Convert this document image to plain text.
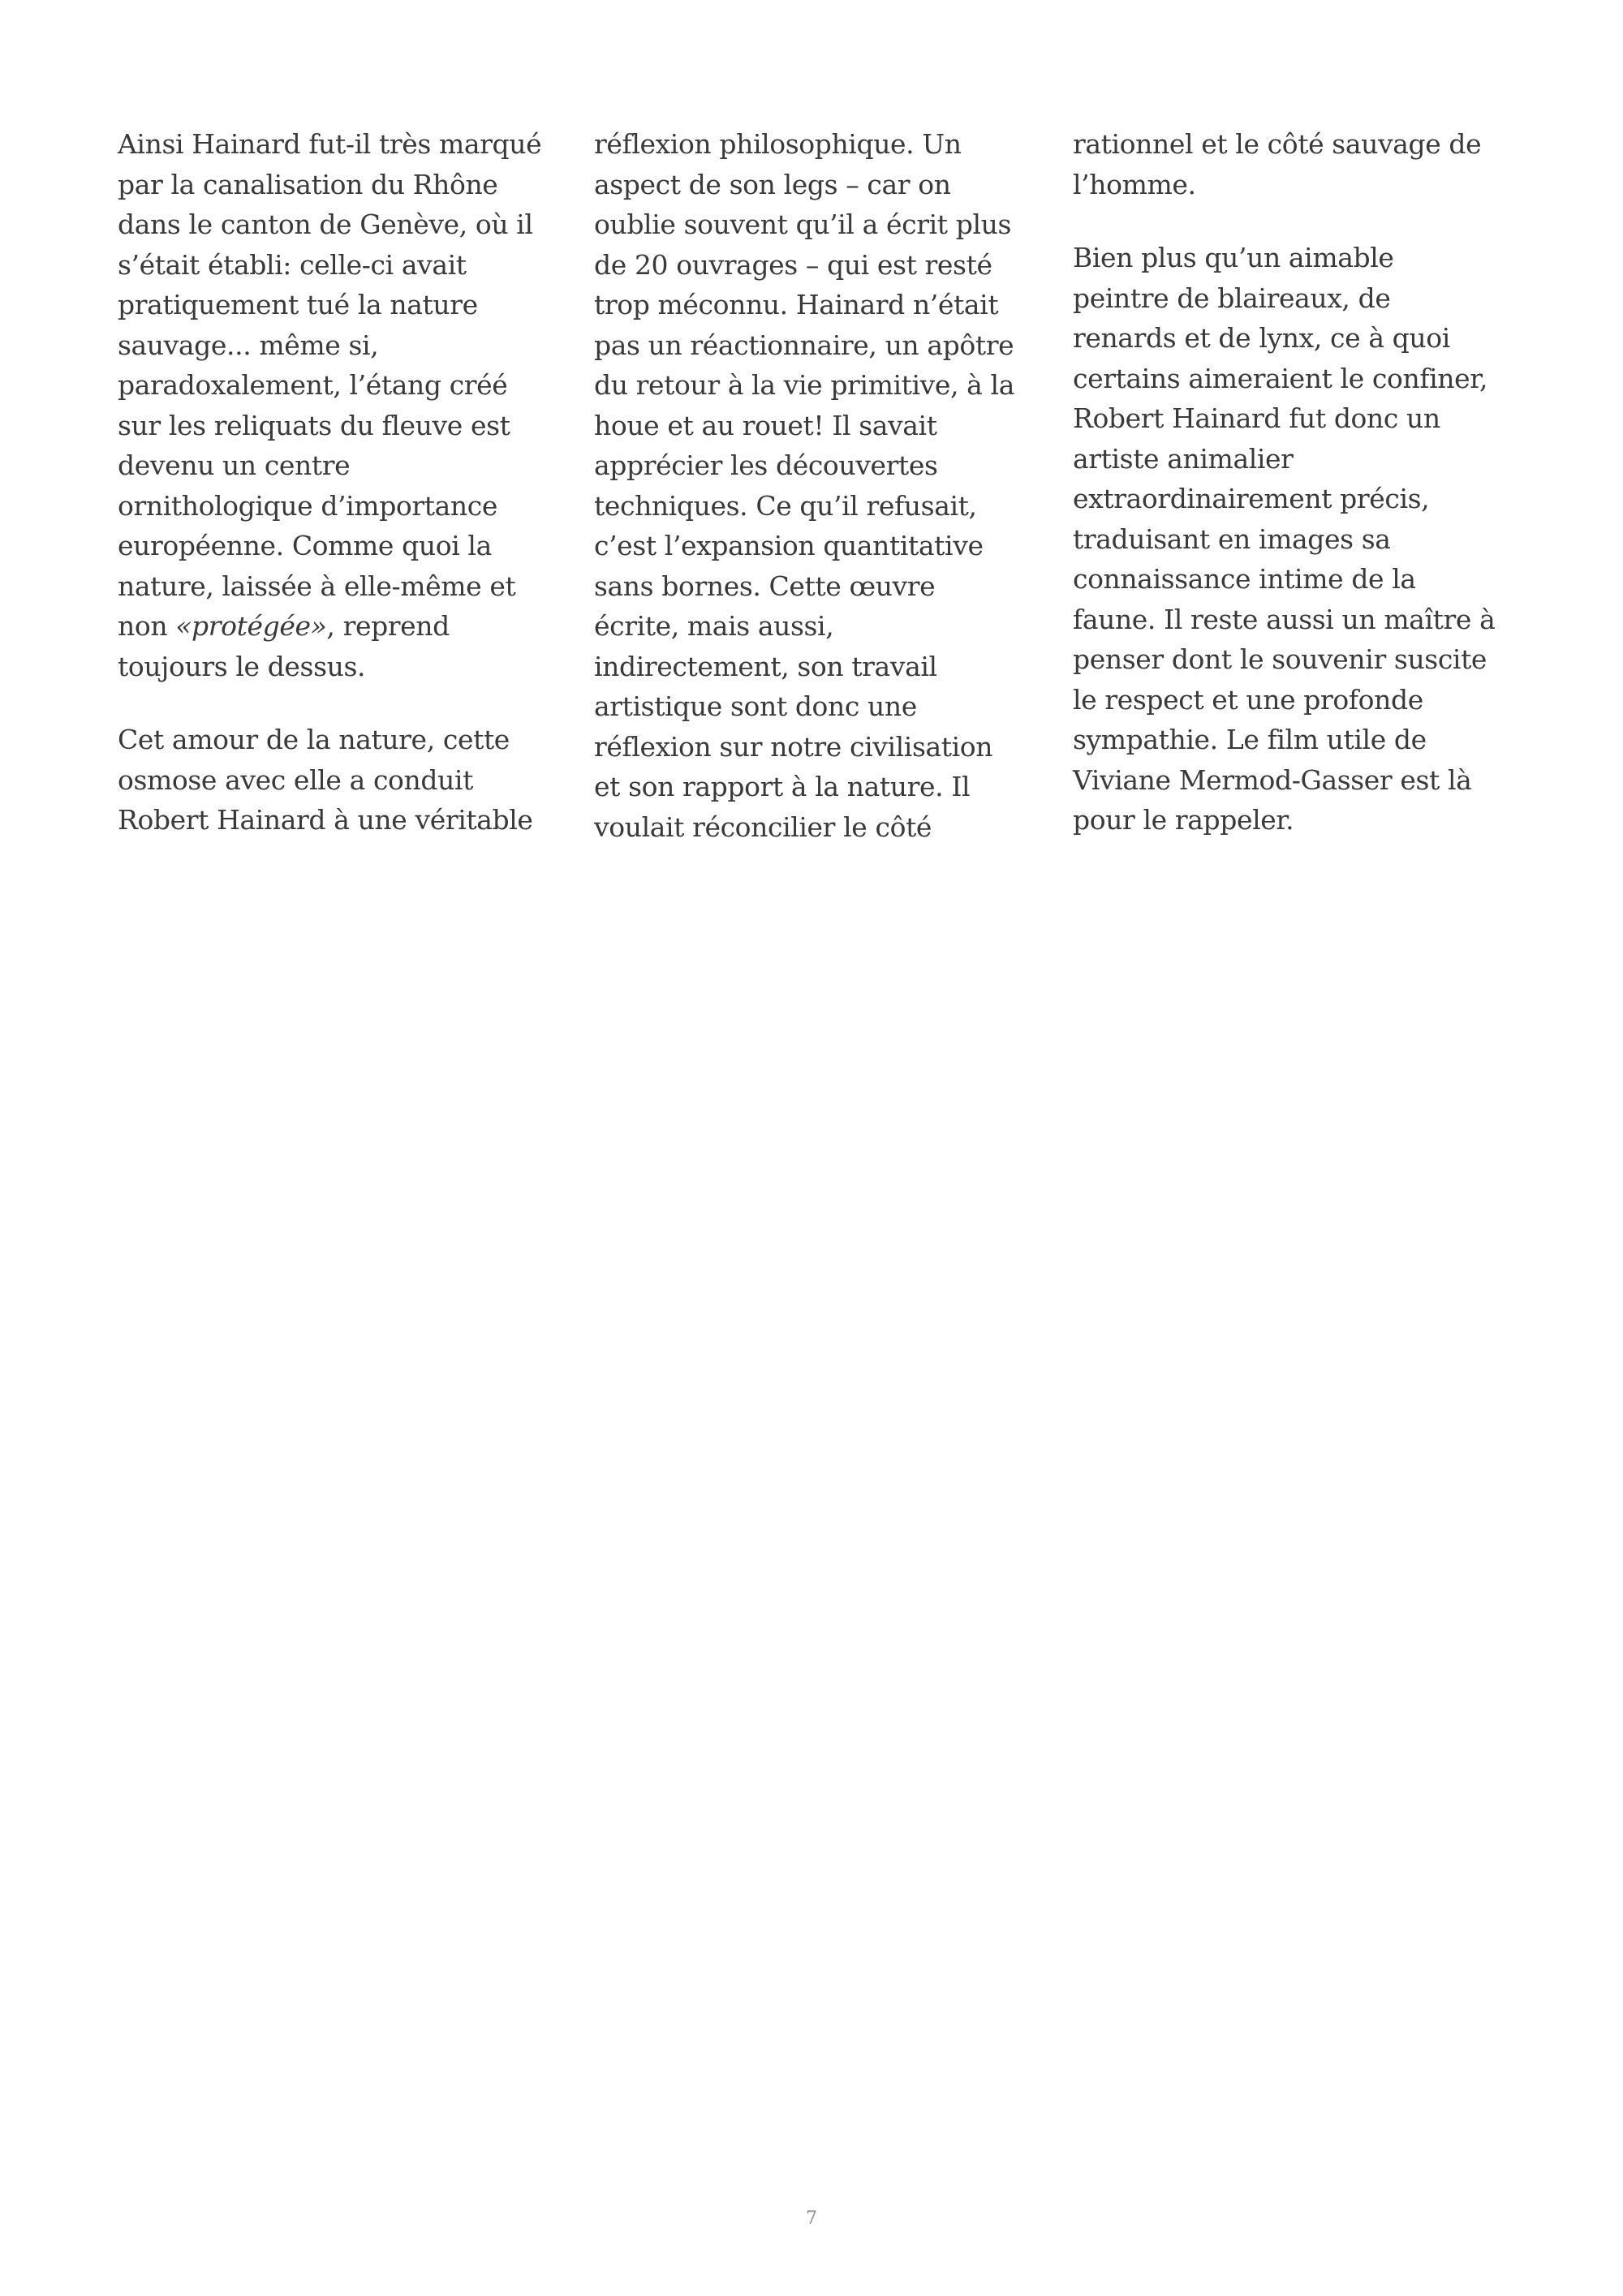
Ainsi Hainard fut-il très marqué
par la canalisation du Rhône
dans le canton de Genève, où il
s’était établi: celle-ci avait
pratiquement tué la nature
sauvage... même si,
paradoxalement, l’étang créé
sur les reliquats du fleuve est
devenu un centre
ornithologique d’importance
européenne. Comme quoi la
nature, laissée à elle-même et
non «protégée», reprend
toujours le dessus.

Cet amour de la nature, cette
osmose avec elle a conduit
Robert Hainard à une véritable

réflexion philosophique. Un
aspect de son legs – car on
oublie souvent qu’il a écrit plus
de 20 ouvrages – qui est resté
trop méconnu. Hainard n’était
pas un réactionnaire, un apôtre
du retour à la vie primitive, à la
houe et au rouet! Il savait
apprécier les découvertes
techniques. Ce qu’il refusait,
c’est l’expansion quantitative
sans bornes. Cette œuvre
écrite, mais aussi,
indirectement, son travail
artistique sont donc une
réflexion sur notre civilisation
et son rapport à la nature. Il
voulait réconcilier le côté

rationnel et le côté sauvage de
l’homme.

Bien plus qu’un aimable
peintre de blaireaux, de
renards et de lynx, ce à quoi
certains aimeraient le confiner,
Robert Hainard fut donc un
artiste animalier
extraordinairement précis,
traduisant en images sa
connaissance intime de la
faune. Il reste aussi un maître à
penser dont le souvenir suscite
le respect et une profonde
sympathie. Le film utile de
Viviane Mermod-Gasser est là
pour le rappeler.

7
